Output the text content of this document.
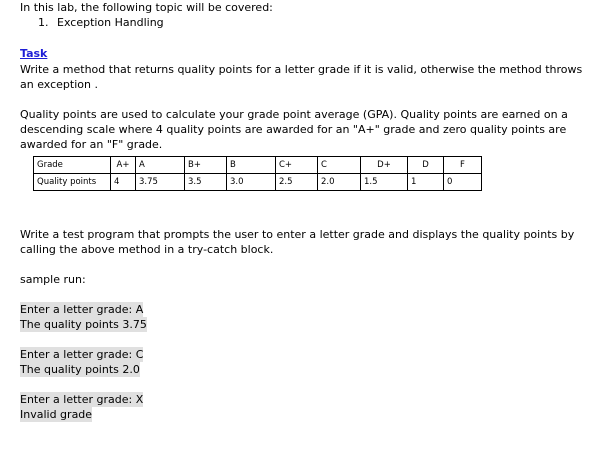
In this lab, the following topic will be covered:
1. Exception Handling
Task
Write a method that returns quality points for a letter grade if it is valid, otherwise the method throws an exception .
Quality points are used to calculate your grade point average (GPA). Quality points are earned on a descending scale where 4 quality points are awarded for an "A+" grade and zero quality points are awarded for an "F" grade.
Grade	A+	A	B+	B	C+	C	D+	D	F
Quality points	4	3.75	3.5	3.0	2.5	2.0	1.5	1	0
Write a test program that prompts the user to enter a letter grade and displays the quality points by calling the above method in a try-catch block.
sample run:
Enter a letter grade: A
The quality points 3.75
Enter a letter grade: C
The quality points 2.0
Enter a letter grade: X
Invalid grade
